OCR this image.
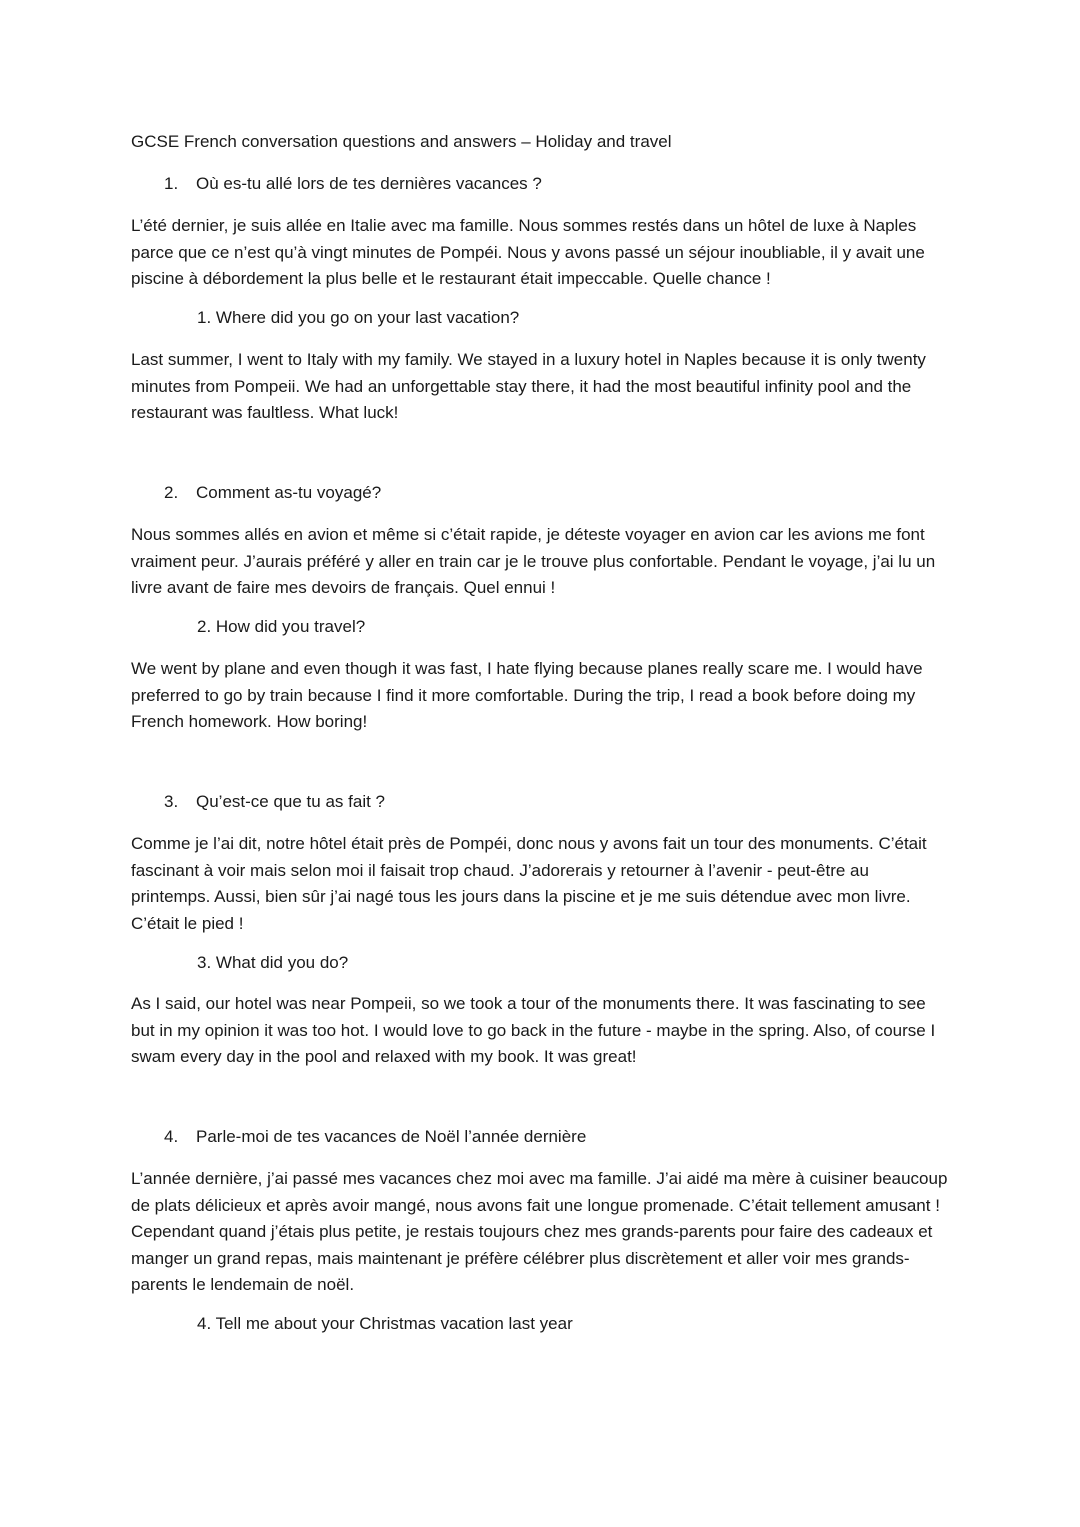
GCSE French conversation questions and answers – Holiday and travel
1. Où es-tu allé lors de tes dernières vacances ?
L’été dernier, je suis allée en Italie avec ma famille. Nous sommes restés dans un hôtel de luxe à Naples parce que ce n’est qu’à vingt minutes de Pompéi. Nous y avons passé un séjour inoubliable, il y avait une piscine à débordement la plus belle et le restaurant était impeccable. Quelle chance !
1. Where did you go on your last vacation?
Last summer, I went to Italy with my family. We stayed in a luxury hotel in Naples because it is only twenty minutes from Pompeii. We had an unforgettable stay there, it had the most beautiful infinity pool and the restaurant was faultless. What luck!
2. Comment as-tu voyagé?
Nous sommes allés en avion et même si c’était rapide, je déteste voyager en avion car les avions me font vraiment peur. J’aurais préféré y aller en train car je le trouve plus confortable. Pendant le voyage, j’ai lu un livre avant de faire mes devoirs de français. Quel ennui !
2. How did you travel?
We went by plane and even though it was fast, I hate flying because planes really scare me. I would have preferred to go by train because I find it more comfortable. During the trip, I read a book before doing my French homework. How boring!
3. Qu’est-ce que tu as fait ?
Comme je l’ai dit, notre hôtel était près de Pompéi, donc nous y avons fait un tour des monuments. C’était fascinant à voir mais selon moi il faisait trop chaud. J’adorerais y retourner à l’avenir - peut-être au printemps. Aussi, bien sûr j’ai nagé tous les jours dans la piscine et je me suis détendue avec mon livre. C’était le pied !
3. What did you do?
As I said, our hotel was near Pompeii, so we took a tour of the monuments there. It was fascinating to see but in my opinion it was too hot. I would love to go back in the future - maybe in the spring. Also, of course I swam every day in the pool and relaxed with my book. It was great!
4. Parle-moi de tes vacances de Noël l’année dernière
L’année dernière, j’ai passé mes vacances chez moi avec ma famille. J’ai aidé ma mère à cuisiner beaucoup de plats délicieux et après avoir mangé, nous avons fait une longue promenade. C’était tellement amusant ! Cependant quand j’étais plus petite, je restais toujours chez mes grands-parents pour faire des cadeaux et manger un grand repas, mais maintenant je préfère célébrer plus discrètement et aller voir mes grands-parents le lendemain de noël.
4. Tell me about your Christmas vacation last year
